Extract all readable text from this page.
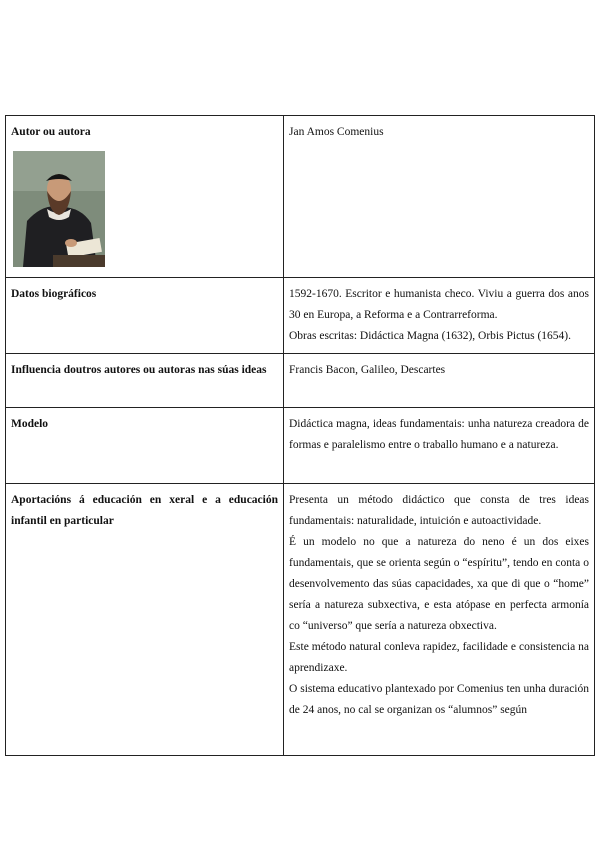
Autor ou autora	Jan Amos Comenius

Datos biográficos	1592-1670. Escritor e humanista checo. Viviu a guerra dos anos 30 en Europa, a Reforma e a Contrarreforma.

Obras escritas: Didáctica Magna (1632), Orbis Pictus (1654).

Influencia doutros autores ou autoras nas súas ideas	Francis Bacon, Galileo, Descartes

Modelo	Didáctica magna, ideas fundamentais: unha natureza creadora de formas e paralelismo entre o traballo humano e a natureza.

Aportacións á educación en xeral e a educación infantil en particular	Presenta un método didáctico que consta de tres ideas fundamentais: naturalidade, intuición e autoactividade.

É un modelo no que a natureza do neno é un dos eixes fundamentais, que se orienta según o “espíritu”, tendo en conta o desenvolvemento das súas capacidades, xa que di que o “home” sería a natureza subxectiva, e esta atópase en perfecta armonía co “universo” que sería a natureza obxectiva.

Este método natural conleva rapidez, facilidade e consistencia na aprendizaxe.

O sistema educativo plantexado por Comenius ten unha duración de 24 anos, no cal se organizan os “alumnos” según
